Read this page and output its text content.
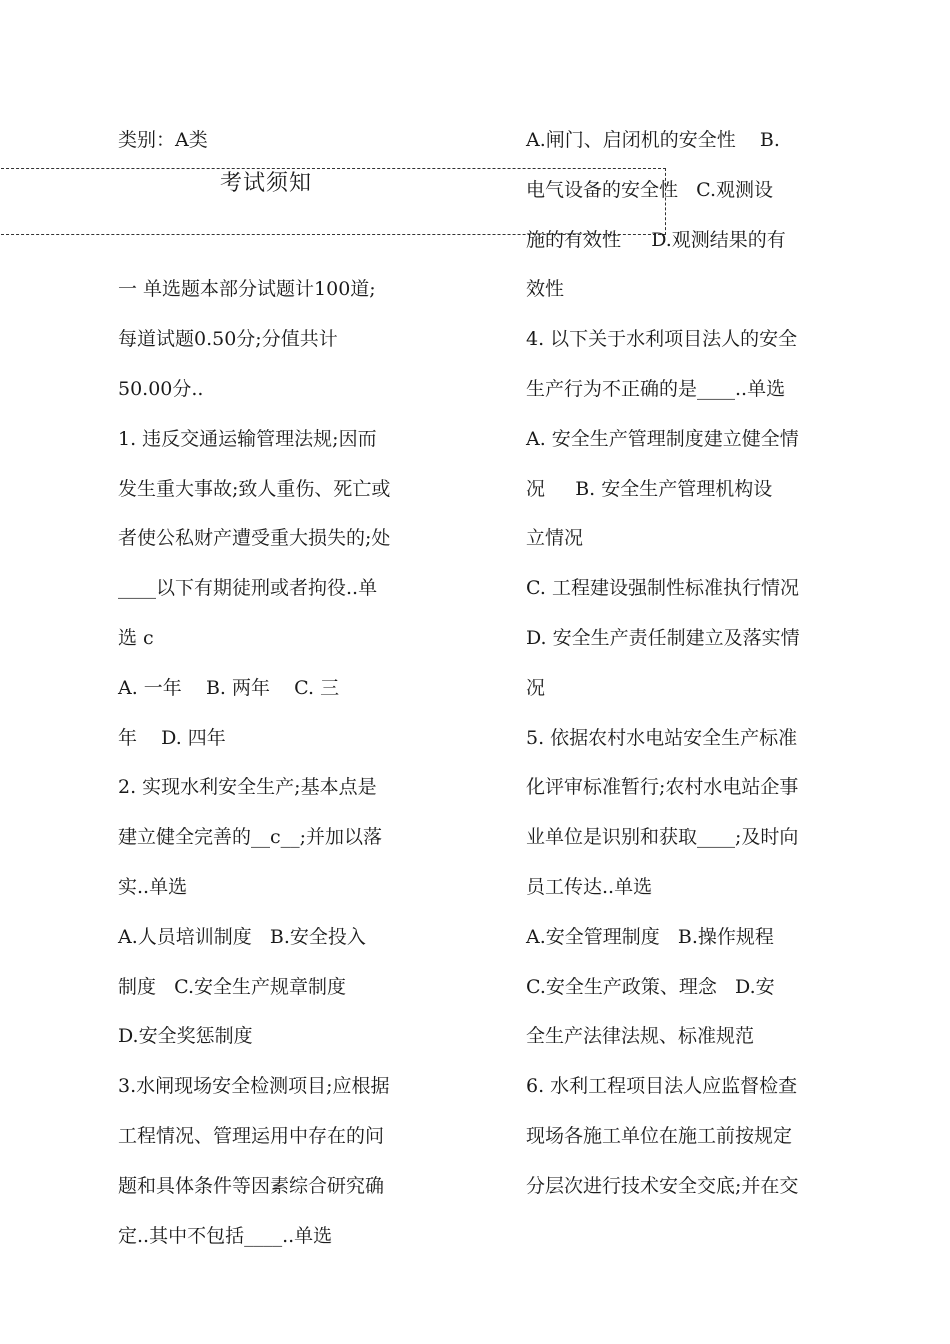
考试须知
类别：A类
一 单选题本部分试题计100道;
每道试题0.50分;分值共计
50.00分..
1. 违反交通运输管理法规;因而
发生重大事故;致人重伤、死亡或
者使公私财产遭受重大损失的;处
____以下有期徒刑或者拘役..单
选 c
A. 一年    B. 两年    C. 三
年    D. 四年
2. 实现水利安全生产;基本点是
建立健全完善的__c__;并加以落
实..单选
A.人员培训制度   B.安全投入
制度   C.安全生产规章制度
D.安全奖惩制度
3.水闸现场安全检测项目;应根据
工程情况、管理运用中存在的问
题和具体条件等因素综合研究确
定..其中不包括____..单选
A.闸门、启闭机的安全性    B.
电气设备的安全性   C.观测设
施的有效性     D.观测结果的有
效性
4. 以下关于水利项目法人的安全
生产行为不正确的是____..单选
A. 安全生产管理制度建立健全情
况     B. 安全生产管理机构设
立情况
C. 工程建设强制性标准执行情况
D. 安全生产责任制建立及落实情
况
5. 依据农村水电站安全生产标准
化评审标准暂行;农村水电站企事
业单位是识别和获取____;及时向
员工传达..单选
A.安全管理制度   B.操作规程
C.安全生产政策、理念   D.安
全生产法律法规、标准规范
6. 水利工程项目法人应监督检查
现场各施工单位在施工前按规定
分层次进行技术安全交底;并在交
